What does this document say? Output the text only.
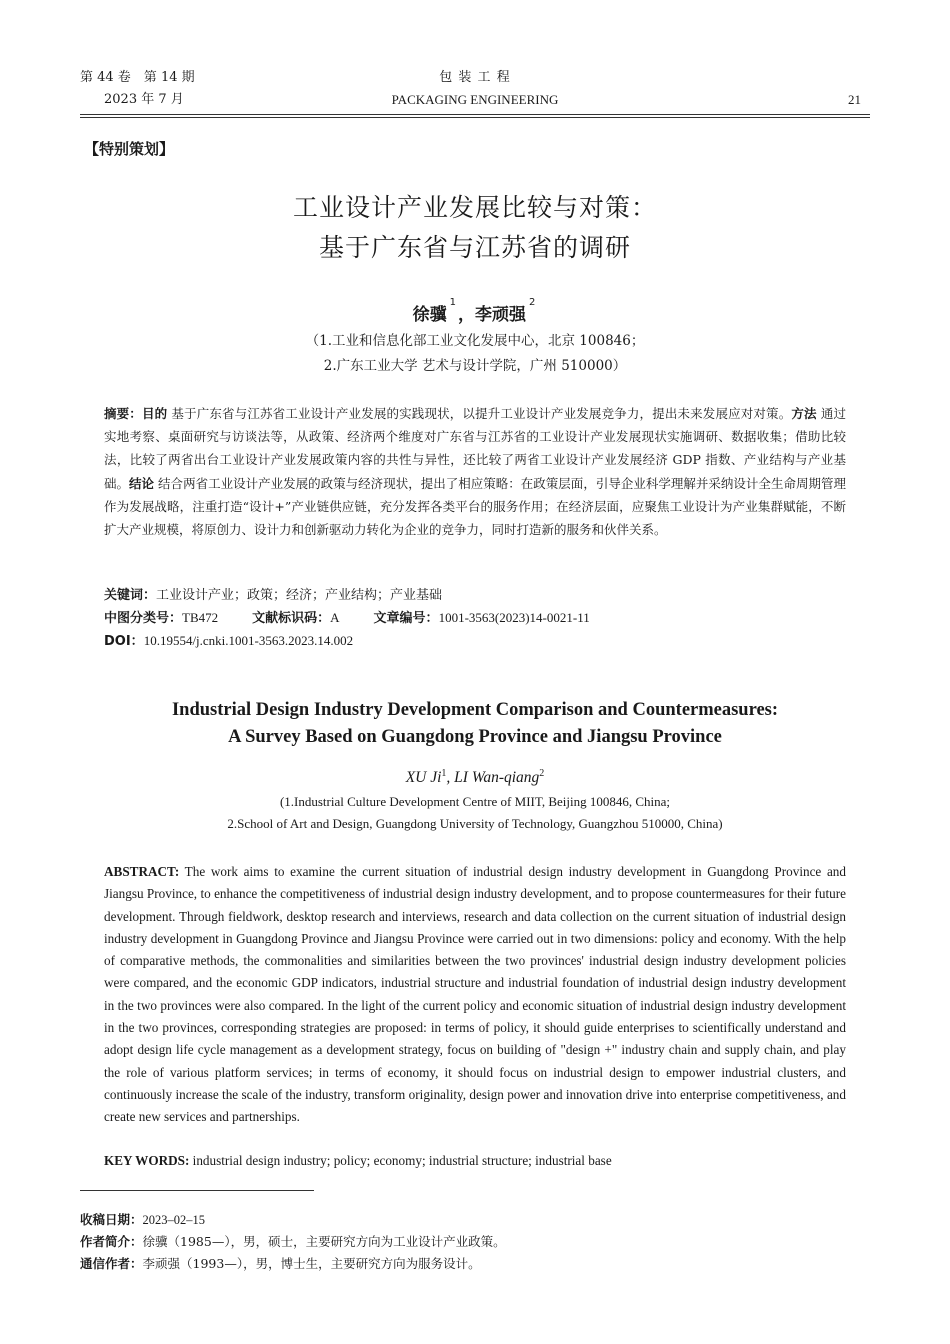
第 44 卷　第 14 期
2023 年 7 月
包 装 工 程
PACKAGING ENGINEERING	21
【特别策划】
工业设计产业发展比较与对策：
基于广东省与江苏省的调研
徐骥$^1$，李顽强$^2$
（1.工业和信息化部工业文化发展中心，北京 100846；
2.广东工业大学 艺术与设计学院，广州 510000）
摘要：目的 基于广东省与江苏省工业设计产业发展的实践现状，以提升工业设计产业发展竞争力，提出未来发展应对对策。方法 通过实地考察、桌面研究与访谈法等，从政策、经济两个维度对广东省与江苏省的工业设计产业发展现状实施调研、数据收集；借助比较法，比较了两省出台工业设计产业发展政策内容的共性与异性，还比较了两省工业设计产业发展经济 GDP 指数、产业结构与产业基础。结论 结合两省工业设计产业发展的政策与经济现状，提出了相应策略：在政策层面，引导企业科学理解并采纳设计全生命周期管理作为发展战略，注重打造“设计+”产业链供应链，充分发挥各类平台的服务作用；在经济层面，应聚焦工业设计为产业集群赋能，不断扩大产业规模，将原创力、设计力和创新驱动力转化为企业的竞争力，同时打造新的服务和伙伴关系。
关键词：工业设计产业；政策；经济；产业结构；产业基础
中图分类号：TB472	文献标识码：A	文章编号：1001-3563(2023)14-0021-11
DOI：10.19554/j.cnki.1001-3563.2023.14.002
Industrial Design Industry Development Comparison and Countermeasures:
A Survey Based on Guangdong Province and Jiangsu Province
XU Ji$^1$, LI Wan-qiang$^2$
(1.Industrial Culture Development Centre of MIIT, Beijing 100846, China;
2.School of Art and Design, Guangdong University of Technology, Guangzhou 510000, China)
ABSTRACT: The work aims to examine the current situation of industrial design industry development in Guangdong Province and Jiangsu Province, to enhance the competitiveness of industrial design industry development, and to propose countermeasures for their future development. Through fieldwork, desktop research and interviews, research and data collection on the current situation of industrial design industry development in Guangdong Province and Jiangsu Province were carried out in two dimensions: policy and economy. With the help of comparative methods, the commonalities and similarities between the two provinces' industrial design industry development policies were compared, and the economic GDP indicators, industrial structure and industrial foundation of industrial design industry development in the two provinces were also compared. In the light of the current policy and economic situation of industrial design industry development in the two provinces, corresponding strategies are proposed: in terms of policy, it should guide enterprises to scientifically understand and adopt design life cycle management as a development strategy, focus on building of "design +" industry chain and supply chain, and play the role of various platform services; in terms of economy, it should focus on industrial design to empower industrial clusters, and continuously increase the scale of the industry, transform originality, design power and innovation drive into enterprise competitiveness, and create new services and partnerships.
KEY WORDS: industrial design industry; policy; economy; industrial structure; industrial base
收稿日期：2023–02–15
作者简介：徐骥（1985—），男，硕士，主要研究方向为工业设计产业政策。
通信作者：李顽强（1993—），男，博士生，主要研究方向为服务设计。
